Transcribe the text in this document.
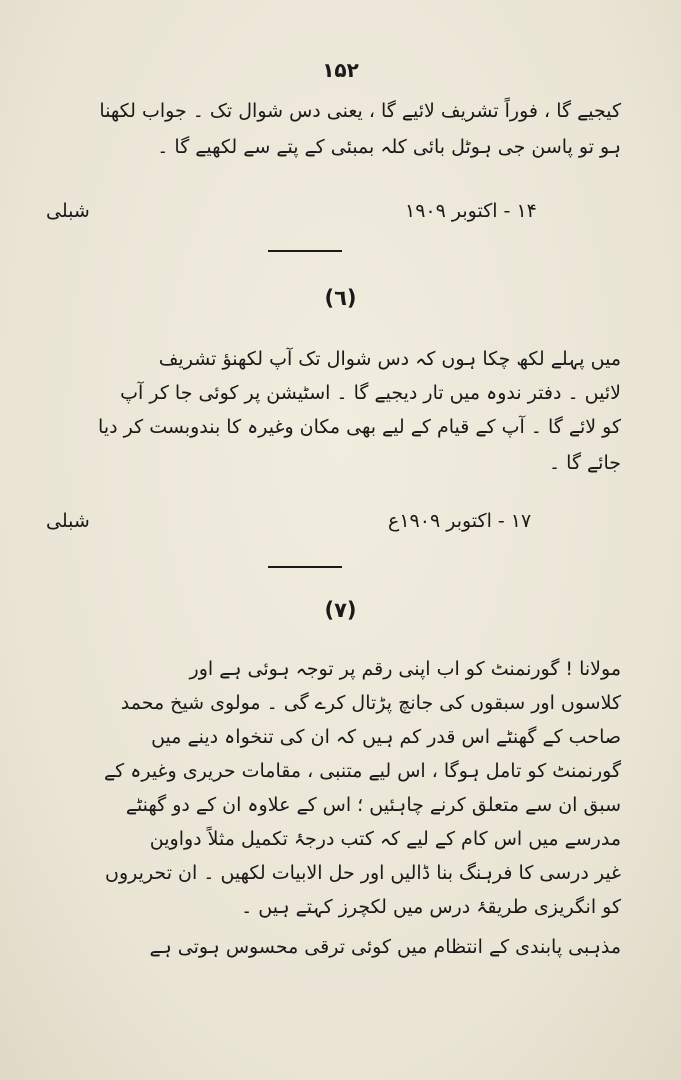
۱۵۲
کیجیے گا ، فوراً تشریف لائیے گا ، یعنی دس شوال تک ۔ جواب لکھنا
ہو تو پاسن جی ہوٹل بائی کلہ بمبئی کے پتے سے لکھیے گا ۔
۱۴ - اکتوبر ۱۹۰۹
شبلی
(٦)
میں پہلے لکھ چکا ہوں کہ دس شوال تک آپ لکھنؤ تشریف
لائیں ۔ دفتر ندوہ میں تار دیجیے گا ۔ اسٹیشن پر کوئی جا کر آپ
کو لائے گا ۔ آپ کے قیام کے لیے بھی مکان وغیرہ کا بندوبست کر دیا
جائے گا ۔
۱۷ - اکتوبر ۱۹۰۹ع
شبلی
(٧)
مولانا ! گورنمنٹ کو اب اپنی رقم پر توجہ ہوئی ہے اور
کلاسوں اور سبقوں کی جانچ پڑتال کرے گی ۔ مولوی شیخ محمد
صاحب کے گھنٹے اس قدر کم ہیں کہ ان کی تنخواہ دینے میں
گورنمنٹ کو تامل ہوگا ، اس لیے متنبی ، مقامات حریری وغیرہ کے
سبق ان سے متعلق کرنے چاہئیں ؛ اس کے علاوہ ان کے دو گھنٹے
مدرسے میں اس کام کے لیے کہ کتب درجۂ تکمیل مثلاً دواوین
غیر درسی کا فرہنگ بنا ڈالیں اور حل الابیات لکھیں ۔ ان تحریروں
کو انگریزی طریقۂ درس میں لکچرز کہتے ہیں ۔
مذہبی پابندی کے انتظام میں کوئی ترقی محسوس ہوتی ہے
